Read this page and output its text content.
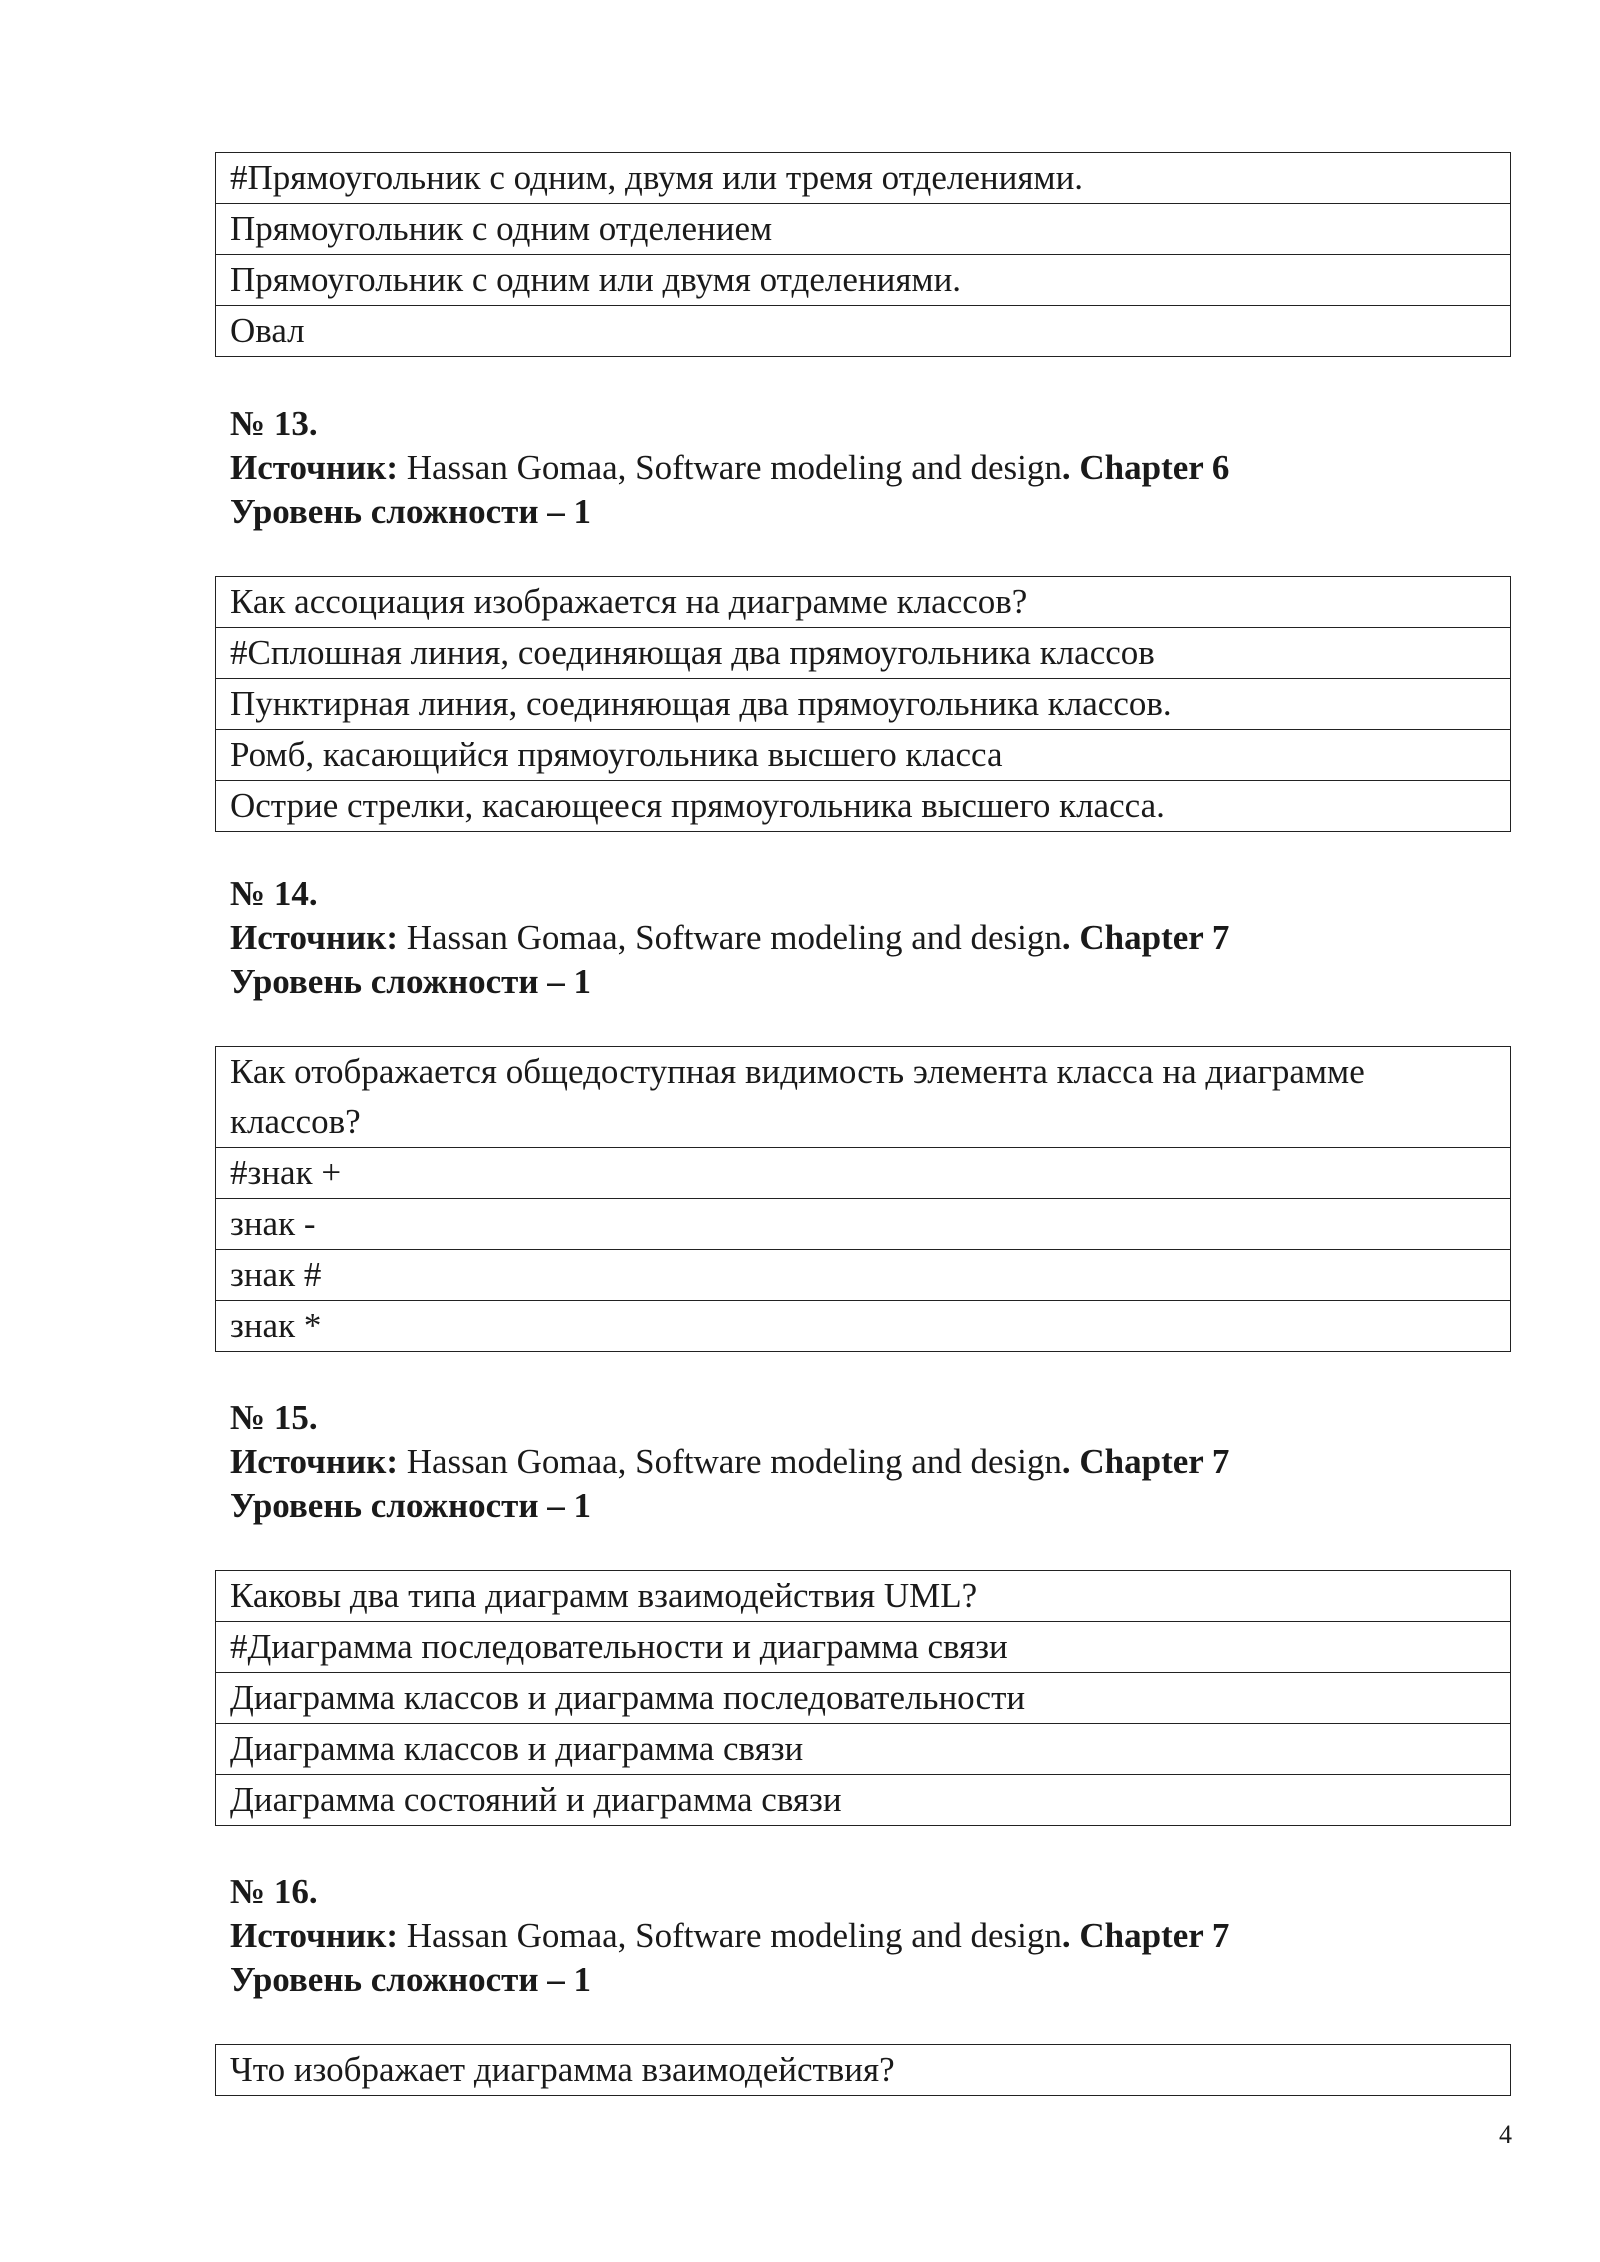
#Прямоугольник с одним, двумя или тремя отделениями.
Прямоугольник с одним отделением
Прямоугольник с одним или двумя отделениями.
Овал
№ 13.
Источник: Hassan Gomaa, Software modeling and design. Chapter 6
Уровень сложности – 1
Как ассоциация изображается на диаграмме классов?
#Сплошная линия, соединяющая два прямоугольника классов
Пунктирная линия, соединяющая два прямоугольника классов.
Ромб, касающийся прямоугольника высшего класса
Острие стрелки, касающееся прямоугольника высшего класса.
№ 14.
Источник: Hassan Gomaa, Software modeling and design. Chapter 7
Уровень сложности – 1
Как отображается общедоступная видимость элемента класса на диаграмме классов?
#знак +
знак -
знак #
знак *
№ 15.
Источник: Hassan Gomaa, Software modeling and design. Chapter 7
Уровень сложности – 1
Каковы два типа диаграмм взаимодействия UML?
#Диаграмма последовательности и диаграмма связи
Диаграмма классов и диаграмма последовательности
Диаграмма классов и диаграмма связи
Диаграмма состояний и диаграмма связи
№ 16.
Источник: Hassan Gomaa, Software modeling and design. Chapter 7
Уровень сложности – 1
Что изображает диаграмма взаимодействия?
4
